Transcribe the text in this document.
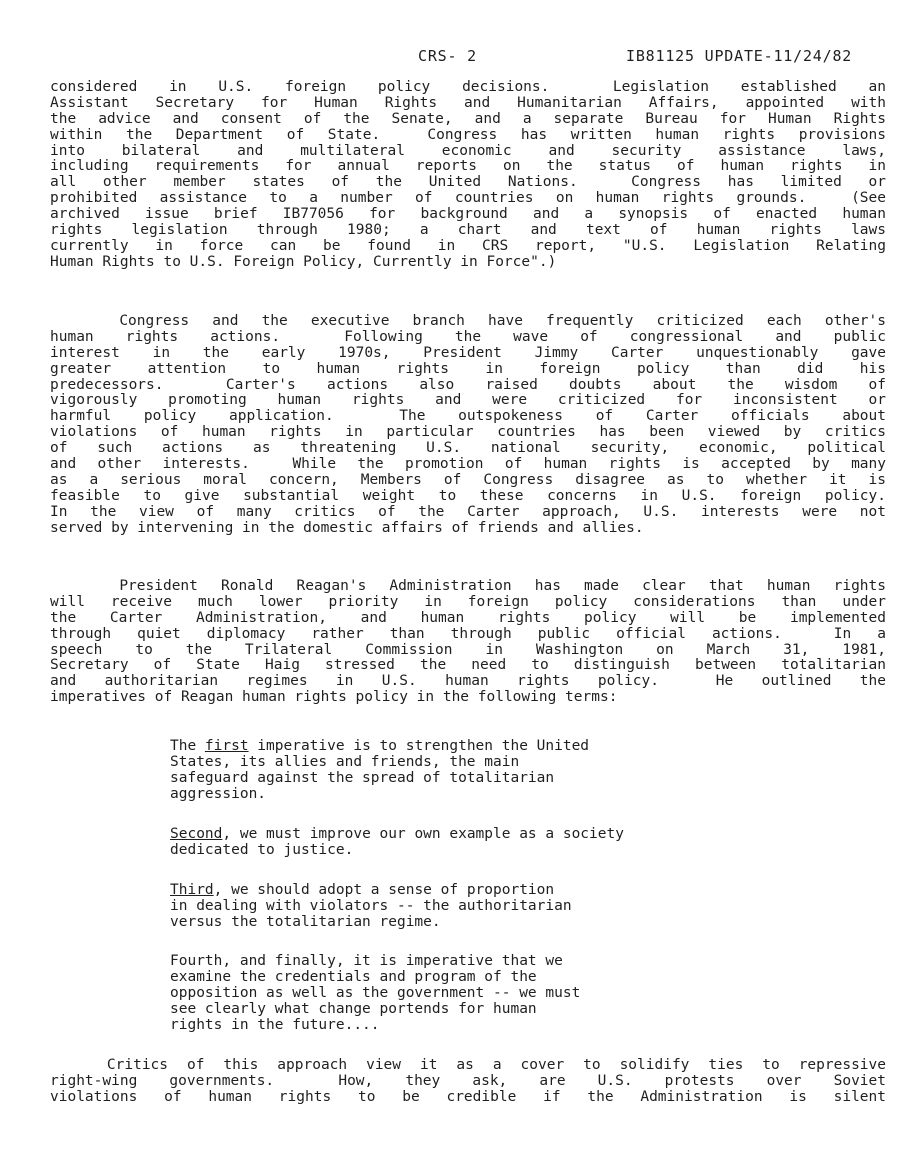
CRS- 2	IB81125 UPDATE-11/24/82
considered in U.S. foreign policy decisions.  Legislation established an
Assistant Secretary for Human Rights and Humanitarian Affairs, appointed with
the advice and consent of the Senate, and a separate Bureau for Human Rights
within the Department of State.  Congress has written human rights provisions
into bilateral and multilateral economic and security assistance laws,
including requirements for annual reports on the status of human rights in
all other member states of the United Nations.  Congress has limited or
prohibited assistance to a number of countries on human rights grounds.  (See
archived issue brief IB77056 for background and a synopsis of enacted human
rights legislation through 1980; a chart and text of human rights laws
currently in force can be found in CRS report, "U.S. Legislation Relating
Human Rights to U.S. Foreign Policy, Currently in Force".)
Congress and the executive branch have frequently criticized each other's
human rights actions.  Following the wave of congressional and public
interest in the early 1970s, President Jimmy Carter unquestionably gave
greater attention to human rights in foreign policy than did his
predecessors.  Carter's actions also raised doubts about the wisdom of
vigorously promoting human rights and were criticized for inconsistent or
harmful policy application.  The outspokeness of Carter officials about
violations of human rights in particular countries has been viewed by critics
of such actions as threatening U.S. national security, economic, political
and other interests.  While the promotion of human rights is accepted by many
as a serious moral concern, Members of Congress disagree as to whether it is
feasible to give substantial weight to these concerns in U.S. foreign policy.
In the view of many critics of the Carter approach, U.S. interests were not
served by intervening in the domestic affairs of friends and allies.
President Ronald Reagan's Administration has made clear that human rights
will receive much lower priority in foreign policy considerations than under
the Carter Administration, and human rights policy will be implemented
through quiet diplomacy rather than through public official actions.  In a
speech to the Trilateral Commission in Washington on March 31, 1981,
Secretary of State Haig stressed the need to distinguish between totalitarian
and authoritarian regimes in U.S. human rights policy.  He outlined the
imperatives of Reagan human rights policy in the following terms:
The first imperative is to strengthen the United
States, its allies and friends, the main
safeguard against the spread of totalitarian
aggression.
Second, we must improve our own example as a society
dedicated to justice.
Third, we should adopt a sense of proportion
in dealing with violators -- the authoritarian
versus the totalitarian regime.
Fourth, and finally, it is imperative that we
examine the credentials and program of the
opposition as well as the government -- we must
see clearly what change portends for human
rights in the future....
Critics of this approach view it as a cover to solidify ties to repressive
right-wing governments.  How, they ask, are U.S. protests over Soviet
violations of human rights to be credible if the Administration is silent
